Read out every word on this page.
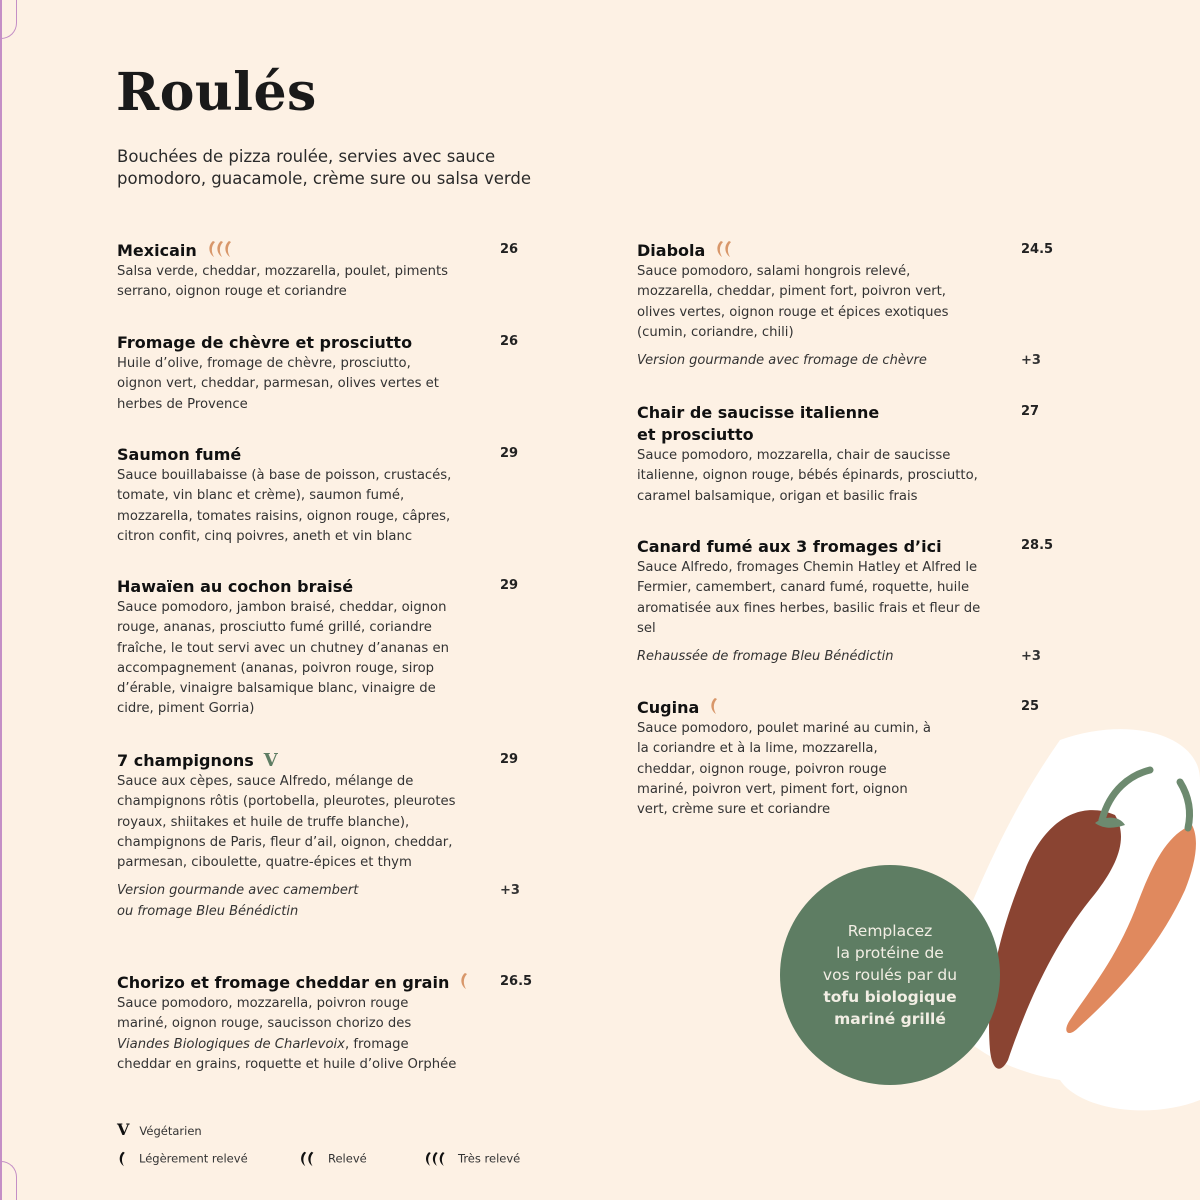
Roulés

Bouchées de pizza roulée, servies avec sauce pomodoro, guacamole, crème sure ou salsa verde

Mexicain	26

Salsa verde, cheddar, mozzarella, poulet, piments serrano, oignon rouge et coriandre

Fromage de chèvre et prosciutto	26

Huile d’olive, fromage de chèvre, prosciutto, oignon vert, cheddar, parmesan, olives vertes et herbes de Provence

Saumon fumé	29

Sauce bouillabaisse (à base de poisson, crustacés, tomate, vin blanc et crème), saumon fumé, mozzarella, tomates raisins, oignon rouge, câpres, citron confit, cinq poivres, aneth et vin blanc

Hawaïen au cochon braisé	29

Sauce pomodoro, jambon braisé, cheddar, oignon rouge, ananas, prosciutto fumé grillé, coriandre fraîche, le tout servi avec un chutney d’ananas en accompagnement (ananas, poivron rouge, sirop d’érable, vinaigre balsamique blanc, vinaigre de cidre, piment Gorria)

7 champignons V	29

Sauce aux cèpes, sauce Alfredo, mélange de champignons rôtis (portobella, pleurotes, pleurotes royaux, shiitakes et huile de truffe blanche), champignons de Paris, fleur d’ail, oignon, cheddar, parmesan, ciboulette, quatre-épices et thym

Version gourmande avec camembert ou fromage Bleu Bénédictin
+3
Chorizo et fromage cheddar en grain	26.5

Sauce pomodoro, mozzarella, poivron rouge mariné, oignon rouge, saucisson chorizo des Viandes Biologiques de Charlevoix, fromage cheddar en grains, roquette et huile d’olive Orphée

Diabola	24.5

Sauce pomodoro, salami hongrois relevé, mozzarella, cheddar, piment fort, poivron vert, olives vertes, oignon rouge et épices exotiques (cumin, coriandre, chili)

Version gourmande avec fromage de chèvre	+3
Chair de saucisse italienne
et prosciutto
27

Sauce pomodoro, mozzarella, chair de saucisse italienne, oignon rouge, bébés épinards, prosciutto, caramel balsamique, origan et basilic frais

Canard fumé aux 3 fromages d’ici	28.5

Sauce Alfredo, fromages Chemin Hatley et Alfred le Fermier, camembert, canard fumé, roquette, huile aromatisée aux fines herbes, basilic frais et fleur de sel

Rehaussée de fromage Bleu Bénédictin	+3
Cugina	25

Sauce pomodoro, poulet mariné au cumin, à la coriandre et à la lime, mozzarella, cheddar, oignon rouge, poivron rouge mariné, poivron vert, piment fort, oignon vert, crème sure et coriandre

Remplacez
la protéine de
vos roulés par du
tofu biologique
mariné grillé
V Végétarien
Légèrement relevé	Relevé	Très relevé
